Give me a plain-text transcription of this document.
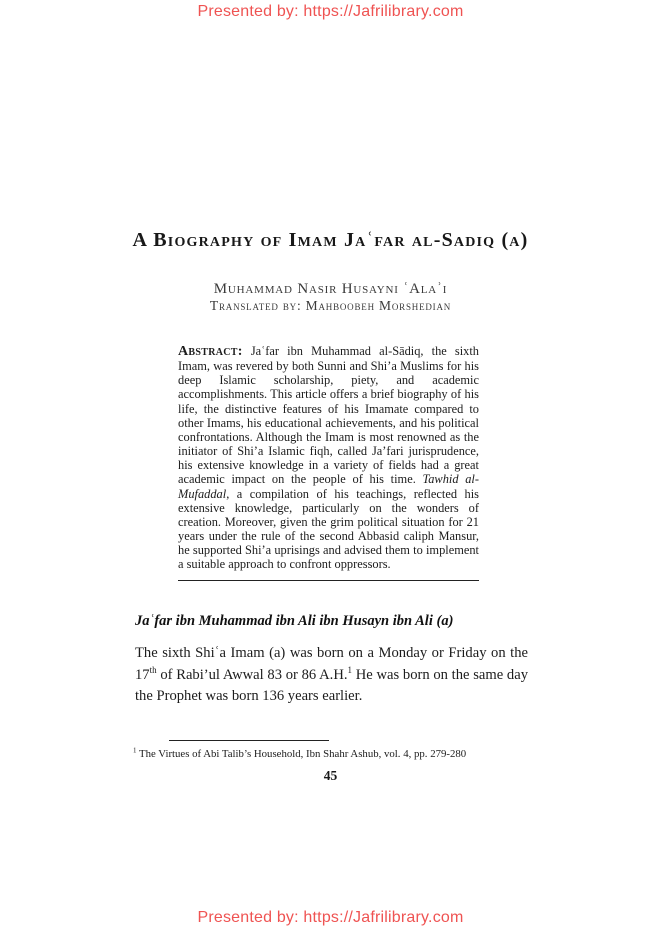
Presented by: https://Jafrilibrary.com
A Biography of Imam Jaʿfar al-Sadiq (a)
Muhammad Nasir Husayni ʿAlaʾi
Translated by: Mahboobeh Morshedian
Abstract: Jaʿfar ibn Muhammad al-Sādiq, the sixth Imam, was revered by both Sunni and Shi’a Muslims for his deep Islamic scholarship, piety, and academic accomplishments. This article offers a brief biography of his life, the distinctive features of his Imamate compared to other Imams, his educational achievements, and his political confrontations. Although the Imam is most renowned as the initiator of Shi’a Islamic fiqh, called Ja’fari jurisprudence, his extensive knowledge in a variety of fields had a great academic impact on the people of his time. Tawhid al-Mufaddal, a compilation of his teachings, reflected his extensive knowledge, particularly on the wonders of creation. Moreover, given the grim political situation for 21 years under the rule of the second Abbasid caliph Mansur, he supported Shi’a uprisings and advised them to implement a suitable approach to confront oppressors.
Jaʿfar ibn Muhammad ibn Ali ibn Husayn ibn Ali (a)
The sixth Shiʿa Imam (a) was born on a Monday or Friday on the 17th of Rabi’ul Awwal 83 or 86 A.H.$^1$ He was born on the same day the Prophet was born 136 years earlier.
$^1$ The Virtues of Abi Talib’s Household, Ibn Shahr Ashub, vol. 4, pp. 279-280
45
Presented by: https://Jafrilibrary.com
